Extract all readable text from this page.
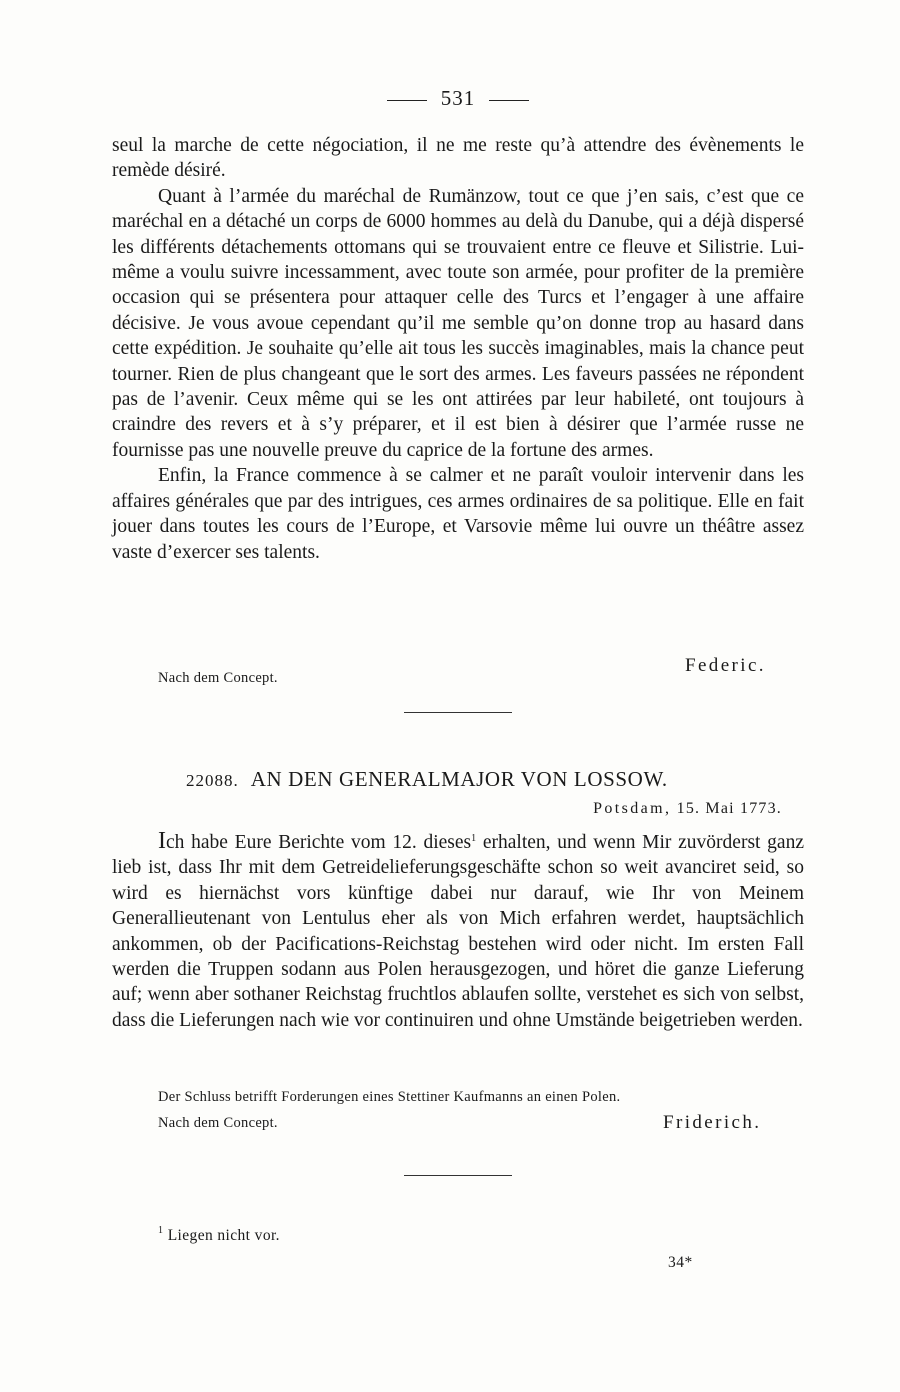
531

seul la marche de cette négociation, il ne me reste qu’à attendre des évènements le remède désiré.

Quant à l’armée du maréchal de Rumänzow, tout ce que j’en sais, c’est que ce maréchal en a détaché un corps de 6000 hommes au delà du Danube, qui a déjà dispersé les différents détachements ottomans qui se trouvaient entre ce fleuve et Silistrie. Lui-même a voulu suivre incessamment, avec toute son armée, pour profiter de la première occasion qui se présentera pour attaquer celle des Turcs et l’engager à une affaire décisive. Je vous avoue cependant qu’il me semble qu’on donne trop au hasard dans cette expédition. Je souhaite qu’elle ait tous les succès imaginables, mais la chance peut tourner. Rien de plus changeant que le sort des armes. Les faveurs passées ne répondent pas de l’avenir. Ceux même qui se les ont attirées par leur habileté, ont toujours à craindre des revers et à s’y préparer, et il est bien à désirer que l’armée russe ne fournisse pas une nouvelle preuve du caprice de la fortune des armes.

Enfin, la France commence à se calmer et ne paraît vouloir intervenir dans les affaires générales que par des intrigues, ces armes ordinaires de sa politique. Elle en fait jouer dans toutes les cours de l’Europe, et Varsovie même lui ouvre un théâtre assez vaste d’exercer ses talents.

Federic.
Nach dem Concept.
22088. AN DEN GENERALMAJOR VON LOSSOW.
Potsdam, 15. Mai 1773.

Ich habe Eure Berichte vom 12. dieses$^1$ erhalten, und wenn Mir zuvörderst ganz lieb ist, dass Ihr mit dem Getreidelieferungsgeschäfte schon so weit avanciret seid, so wird es hiernächst vors künftige dabei nur darauf, wie Ihr von Meinem Generallieutenant von Lentulus eher als von Mich erfahren werdet, hauptsächlich ankommen, ob der Pacifications-Reichstag bestehen wird oder nicht. Im ersten Fall werden die Truppen sodann aus Polen herausgezogen, und höret die ganze Lieferung auf; wenn aber sothaner Reichstag fruchtlos ablaufen sollte, verstehet es sich von selbst, dass die Lieferungen nach wie vor continuiren und ohne Umstände beigetrieben werden.

Der Schluss betrifft Forderungen eines Stettiner Kaufmanns an einen Polen.
Nach dem Concept.	Friderich.
$^1$ Liegen nicht vor.
34*
